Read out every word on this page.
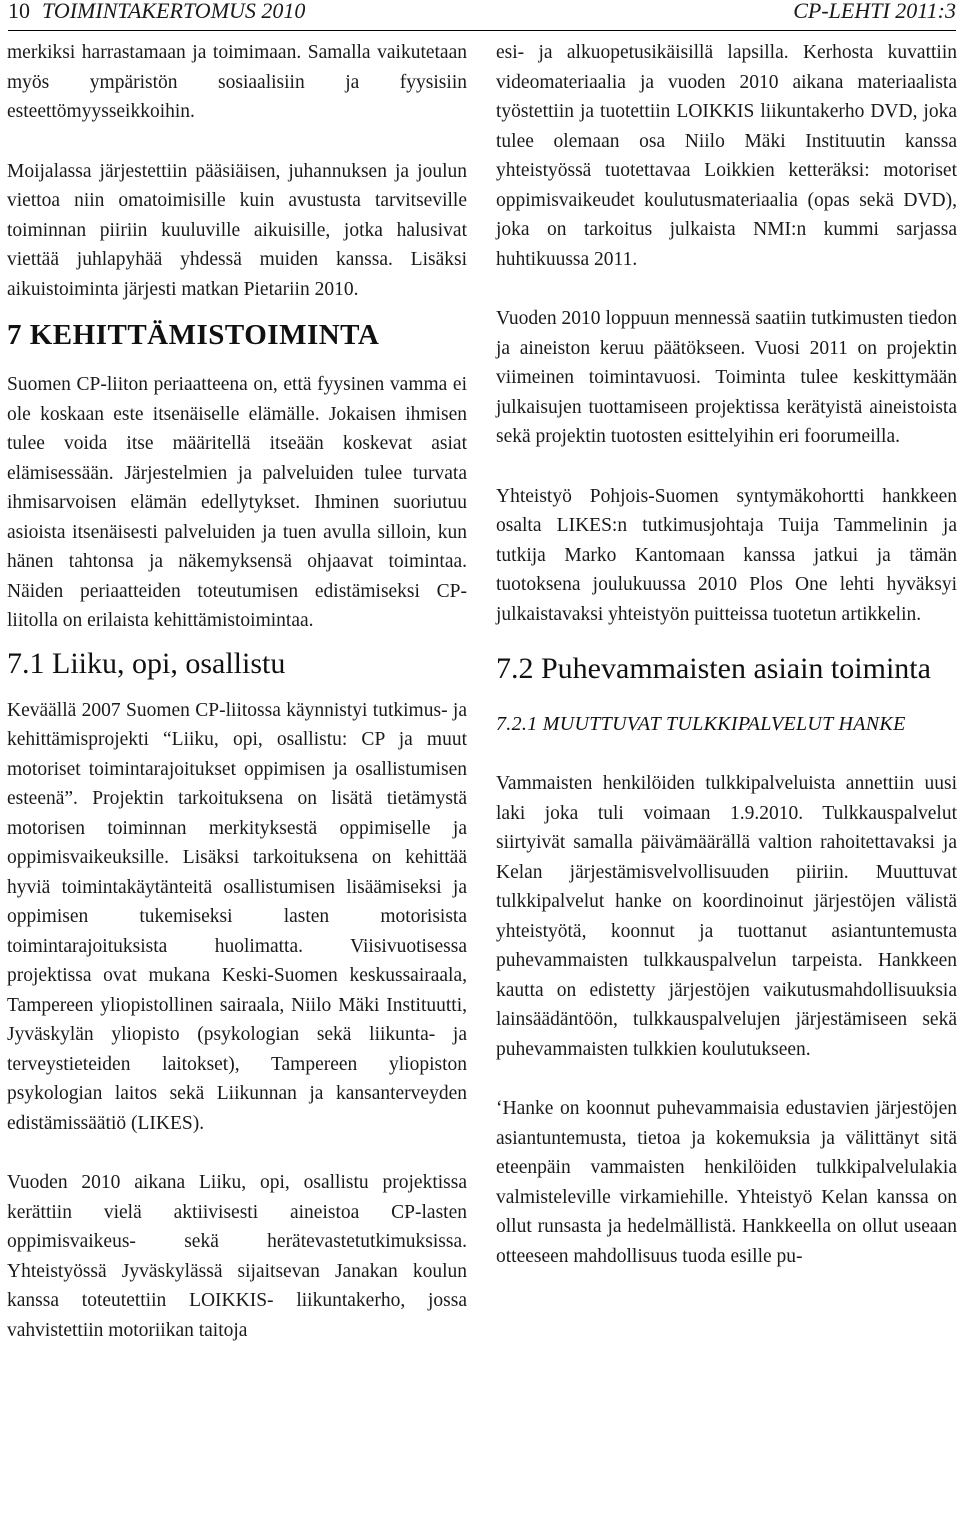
10 TOIMINTAKERTOMUS 2010	CP-LEHTI 2011:3

merkiksi harrastamaan ja toimimaan. Samalla vaikutetaan myös ympäristön sosiaalisiin ja fyysisiin esteettömyysseikkoihin.

Moijalassa järjestettiin pääsiäisen, juhannuksen ja joulun viettoa niin omatoimisille kuin avustusta tarvitseville toiminnan piiriin kuuluville aikuisille, jotka halusivat viettää juhlapyhää yhdessä muiden kanssa. Lisäksi aikuistoiminta järjesti matkan Pietariin 2010.

7 KEHITTÄMISTOIMINTA

Suomen CP-liiton periaatteena on, että fyysinen vamma ei ole koskaan este itsenäiselle elämälle. Jokaisen ihmisen tulee voida itse määritellä itseään koskevat asiat elämisessään. Järjestelmien ja palveluiden tulee turvata ihmisarvoisen elämän edellytykset. Ihminen suoriutuu asioista itsenäisesti palveluiden ja tuen avulla silloin, kun hänen tahtonsa ja näkemyksensä ohjaavat toimintaa. Näiden periaatteiden toteutumisen edistämiseksi CP-liitolla on erilaista kehittämistoimintaa.

7.1 Liiku, opi, osallistu

Keväällä 2007 Suomen CP-liitossa käynnistyi tutkimus- ja kehittämisprojekti “Liiku, opi, osallistu: CP ja muut motoriset toimintarajoitukset oppimisen ja osallistumisen esteenä”. Projektin tarkoituksena on lisätä tietämystä motorisen toiminnan merkityksestä oppimiselle ja oppimisvaikeuksille. Lisäksi tarkoituksena on kehittää hyviä toimintakäytänteitä osallistumisen lisäämiseksi ja oppimisen tukemiseksi lasten motorisista toimintarajoituksista huolimatta. Viisivuotisessa projektissa ovat mukana Keski-Suomen keskussairaala, Tampereen yliopistollinen sairaala, Niilo Mäki Instituutti, Jyväskylän yliopisto (psykologian sekä liikunta- ja terveystieteiden laitokset), Tampereen yliopiston psykologian laitos sekä Liikunnan ja kansanterveyden edistämissäätiö (LIKES).

Vuoden 2010 aikana Liiku, opi, osallistu projektissa kerättiin vielä aktiivisesti aineistoa CP-lasten oppimisvaikeus- sekä herätevastetutkimuksissa. Yhteistyössä Jyväskylässä sijaitsevan Janakan koulun kanssa toteutettiin LOIKKIS- liikuntakerho, jossa vahvistettiin motoriikan taitoja

esi- ja alkuopetusikäisillä lapsilla. Kerhosta kuvattiin videomateriaalia ja vuoden 2010 aikana materiaalista työstettiin ja tuotettiin LOIKKIS liikuntakerho DVD, joka tulee olemaan osa Niilo Mäki Instituutin kanssa yhteistyössä tuotettavaa Loikkien ketteräksi: motoriset oppimisvaikeudet koulutusmateriaalia (opas sekä DVD), joka on tarkoitus julkaista NMI:n kummi sarjassa huhtikuussa 2011.

Vuoden 2010 loppuun mennessä saatiin tutkimusten tiedon ja aineiston keruu päätökseen. Vuosi 2011 on projektin viimeinen toimintavuosi. Toiminta tulee keskittymään julkaisujen tuottamiseen projektissa kerätyistä aineistoista sekä projektin tuotosten esittelyihin eri foorumeilla.

Yhteistyö Pohjois-Suomen syntymäkohortti hankkeen osalta LIKES:n tutkimusjohtaja Tuija Tammelinin ja tutkija Marko Kantomaan kanssa jatkui ja tämän tuotoksena joulukuussa 2010 Plos One lehti hyväksyi julkaistavaksi yhteistyön puitteissa tuotetun artikkelin.

7.2 Puhevammaisten asiain toiminta
7.2.1 MUUTTUVAT TULKKIPALVELUT HANKE

Vammaisten henkilöiden tulkkipalveluista annettiin uusi laki joka tuli voimaan 1.9.2010. Tulkkauspalvelut siirtyivät samalla päivämäärällä valtion rahoitettavaksi ja Kelan järjestämisvelvollisuuden piiriin. Muuttuvat tulkkipalvelut hanke on koordinoinut järjestöjen välistä yhteistyötä, koonnut ja tuottanut asiantuntemusta puhevammaisten tulkkauspalvelun tarpeista. Hankkeen kautta on edistetty järjestöjen vaikutusmahdollisuuksia lainsäädäntöön, tulkkauspalvelujen järjestämiseen sekä puhevammaisten tulkkien koulutukseen.

‘Hanke on koonnut puhevammaisia edustavien järjestöjen asiantuntemusta, tietoa ja kokemuksia ja välittänyt sitä eteenpäin vammaisten henkilöiden tulkkipalvelulakia valmisteleville virkamiehille. Yhteistyö Kelan kanssa on ollut runsasta ja hedelmällistä. Hankkeella on ollut useaan otteeseen mahdollisuus tuoda esille pu-
